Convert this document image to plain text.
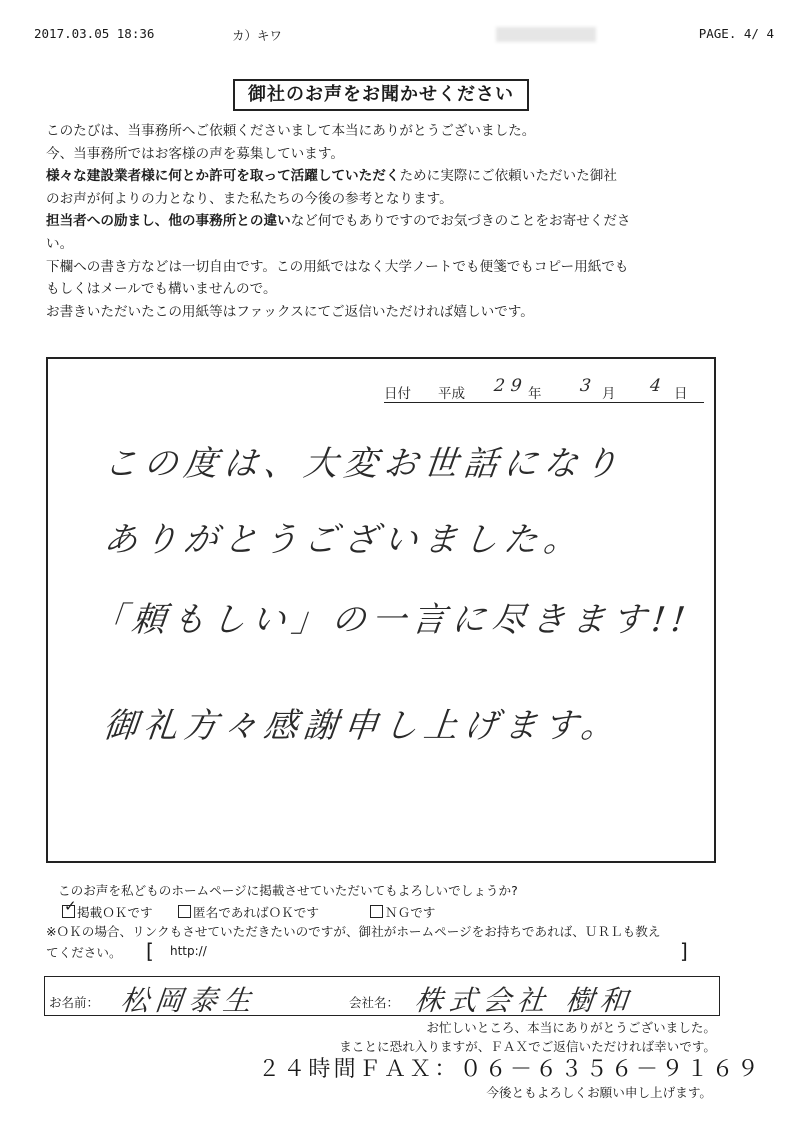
2017.03.05 18:36	カ）キワ	PAGE. 4/ 4
御社のお声をお聞かせください

このたびは、当事務所へご依頼くださいまして本当にありがとうございました。

今、当事務所ではお客様の声を募集しています。

様々な建設業者様に何とか許可を取って活躍していただくために実際にご依頼いただいた御社

のお声が何よりの力となり、また私たちの今後の参考となります。

担当者への励まし、他の事務所との違いなど何でもありですのでお気づきのことをお寄せくださ

い。

下欄への書き方などは一切自由です。この用紙ではなく大学ノートでも便箋でもコピー用紙でも

もしくはメールでも構いませんので。

お書きいただいたこの用紙等はファックスにてご返信いただければ嬉しいです。

日付 平成 29 年 3 月 4 日
この度は、大変お世話になり
ありがとうございました。
「頼もしい」の一言に尽きます!!
御礼方々感謝申し上げます。
このお声を私どものホームページに掲載させていただいてもよろしいでしょうか?
✓ 掲載ＯＫです	匿名であればＯＫです	ＮＧです

※ＯＫの場合、リンクもさせていただきたいのですが、御社がホームページをお持ちであれば、ＵＲＬも教え

てください。	[ http://	]
お名前： 松岡泰生	会社名： 株式会社 樹和
お忙しいところ、本当にありがとうございました。
まことに恐れ入りますが、ＦＡＸでご返信いただければ幸いです。
２４時間ＦＡＸ：０６－６３５６－９１６９
今後ともよろしくお願い申し上げます。
